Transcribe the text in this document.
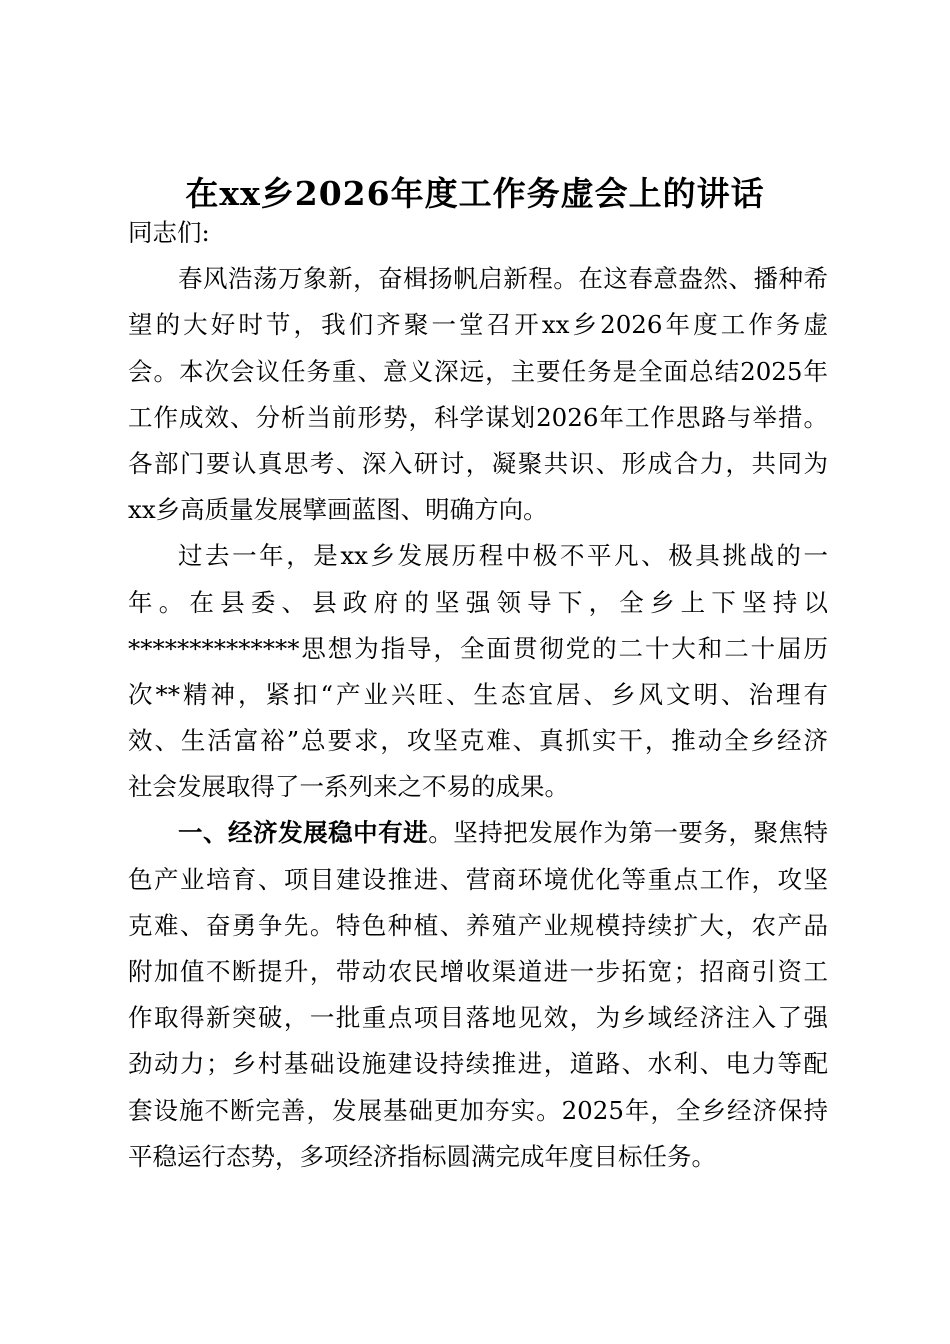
在xx乡2026年度工作务虚会上的讲话
同志们:
春风浩荡万象新，奋楫扬帆启新程。在这春意盎然、播种希
望的大好时节，我们齐聚一堂召开xx乡2026年度工作务虚
会。本次会议任务重、意义深远，主要任务是全面总结2025年
工作成效、分析当前形势，科学谋划2026年工作思路与举措。
各部门要认真思考、深入研讨，凝聚共识、形成合力，共同为
xx乡高质量发展擘画蓝图、明确方向。
过去一年，是xx乡发展历程中极不平凡、极具挑战的一
年。在县委、县政府的坚强领导下，全乡上下坚持以
**************思想为指导，全面贯彻党的二十大和二十届历
次**精神，紧扣“产业兴旺、生态宜居、乡风文明、治理有
效、生活富裕”总要求，攻坚克难、真抓实干，推动全乡经济
社会发展取得了一系列来之不易的成果。
一、经济发展稳中有进。坚持把发展作为第一要务，聚焦特
色产业培育、项目建设推进、营商环境优化等重点工作，攻坚
克难、奋勇争先。特色种植、养殖产业规模持续扩大，农产品
附加值不断提升，带动农民增收渠道进一步拓宽；招商引资工
作取得新突破，一批重点项目落地见效，为乡域经济注入了强
劲动力；乡村基础设施建设持续推进，道路、水利、电力等配
套设施不断完善，发展基础更加夯实。2025年，全乡经济保持
平稳运行态势，多项经济指标圆满完成年度目标任务。
